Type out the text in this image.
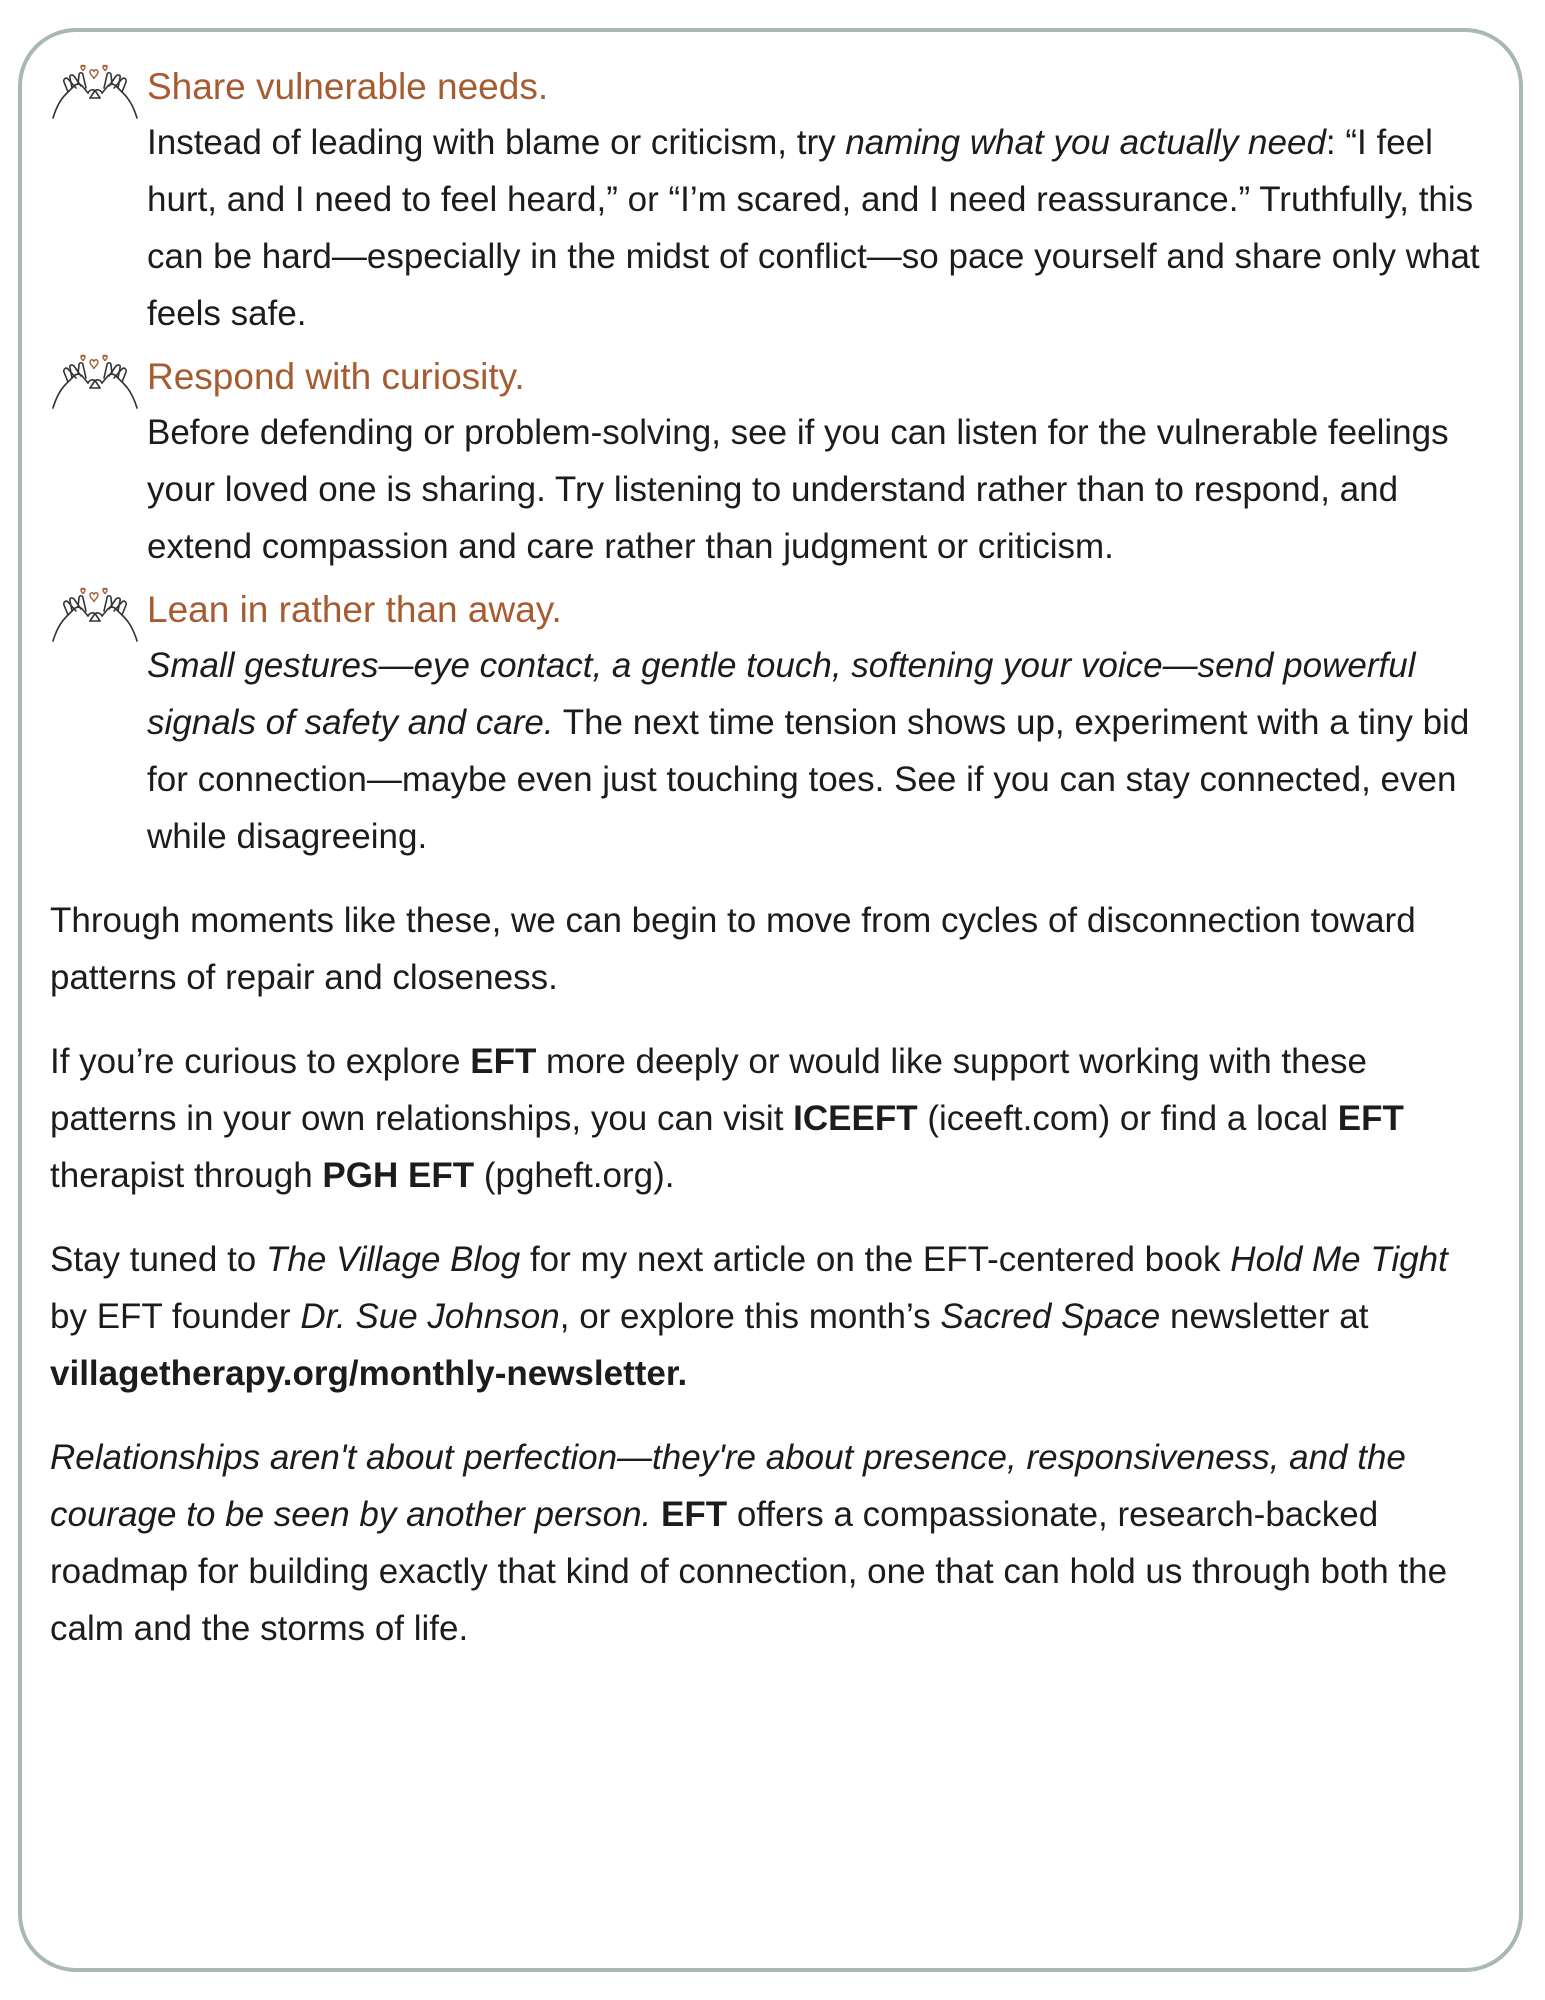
Share vulnerable needs.

Instead of leading with blame or criticism, try naming what you actually need: “I feel hurt, and I need to feel heard,” or “I’m scared, and I need reassurance.” Truthfully, this can be hard—especially in the midst of conflict—so pace yourself and share only what feels safe.

Respond with curiosity.

Before defending or problem-solving, see if you can listen for the vulnerable feelings your loved one is sharing. Try listening to understand rather than to respond, and extend compassion and care rather than judgment or criticism.

Lean in rather than away.

Small gestures—eye contact, a gentle touch, softening your voice—send powerful signals of safety and care. The next time tension shows up, experiment with a tiny bid for connection—maybe even just touching toes. See if you can stay connected, even while disagreeing.

Through moments like these, we can begin to move from cycles of disconnection toward patterns of repair and closeness.

If you’re curious to explore EFT more deeply or would like support working with these patterns in your own relationships, you can visit ICEEFT (iceeft.com) or find a local EFT therapist through PGH EFT (pgheft.org).

Stay tuned to The Village Blog for my next article on the EFT-centered book Hold Me Tight by EFT founder Dr. Sue Johnson, or explore this month’s Sacred Space newsletter at villagetherapy.org/monthly-newsletter.

Relationships aren't about perfection—they're about presence, responsiveness, and the courage to be seen by another person. EFT offers a compassionate, research-backed roadmap for building exactly that kind of connection, one that can hold us through both the calm and the storms of life.
